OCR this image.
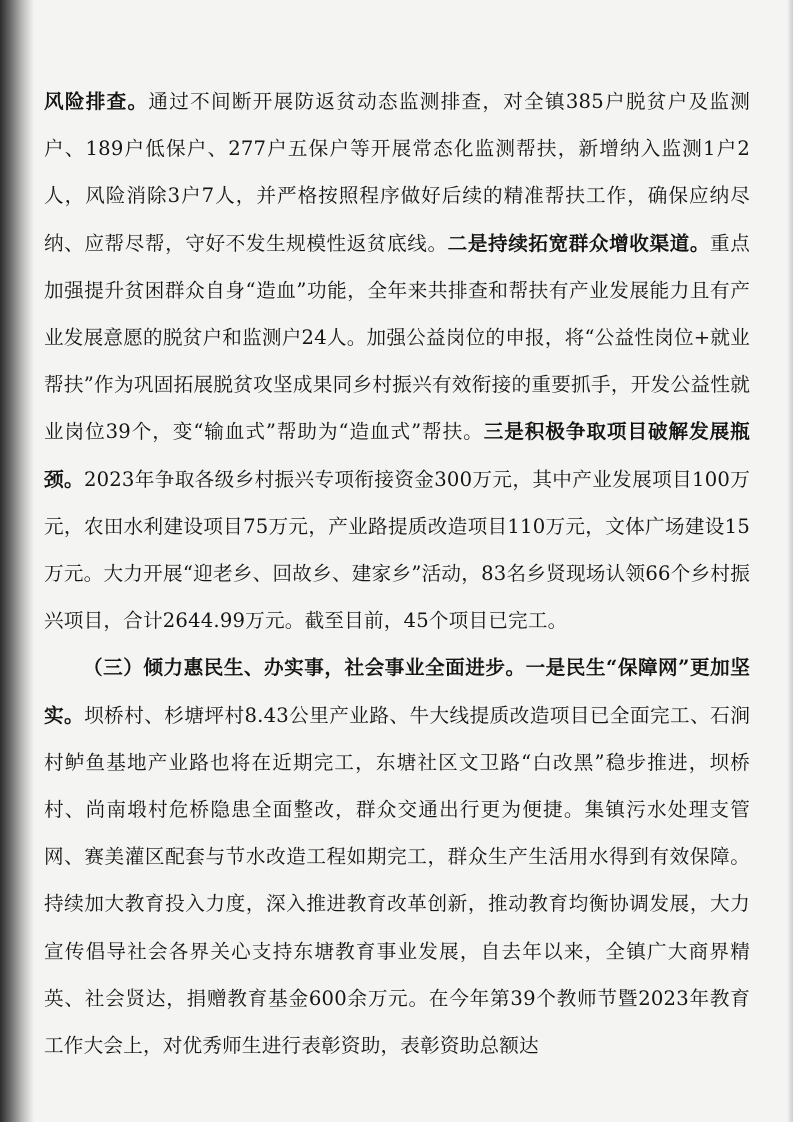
风险排查。通过不间断开展防返贫动态监测排查，对全镇385户脱贫户及监测户、189户低保户、277户五保户等开展常态化监测帮扶，新增纳入监测1户2人，风险消除3户7人，并严格按照程序做好后续的精准帮扶工作，确保应纳尽纳、应帮尽帮，守好不发生规模性返贫底线。二是持续拓宽群众增收渠道。重点加强提升贫困群众自身“造血”功能，全年来共排查和帮扶有产业发展能力且有产业发展意愿的脱贫户和监测户24人。加强公益岗位的申报，将“公益性岗位+就业帮扶”作为巩固拓展脱贫攻坚成果同乡村振兴有效衔接的重要抓手，开发公益性就业岗位39个，变“输血式”帮助为“造血式”帮扶。三是积极争取项目破解发展瓶颈。2023年争取各级乡村振兴专项衔接资金300万元，其中产业发展项目100万元，农田水利建设项目75万元，产业路提质改造项目110万元，文体广场建设15万元。大力开展“迎老乡、回故乡、建家乡”活动，83名乡贤现场认领66个乡村振兴项目，合计2644.99万元。截至目前，45个项目已完工。

（三）倾力惠民生、办实事，社会事业全面进步。一是民生“保障网”更加坚实。坝桥村、杉塘坪村8.43公里产业路、牛大线提质改造项目已全面完工、石涧村鲈鱼基地产业路也将在近期完工，东塘社区文卫路“白改黑”稳步推进，坝桥村、尚南塅村危桥隐患全面整改，群众交通出行更为便捷。集镇污水处理支管网、赛美灌区配套与节水改造工程如期完工，群众生产生活用水得到有效保障。持续加大教育投入力度，深入推进教育改革创新，推动教育均衡协调发展，大力宣传倡导社会各界关心支持东塘教育事业发展，自去年以来，全镇广大商界精英、社会贤达，捐赠教育基金600余万元。在今年第39个教师节暨2023年教育工作大会上，对优秀师生进行表彰资助，表彰资助总额达
